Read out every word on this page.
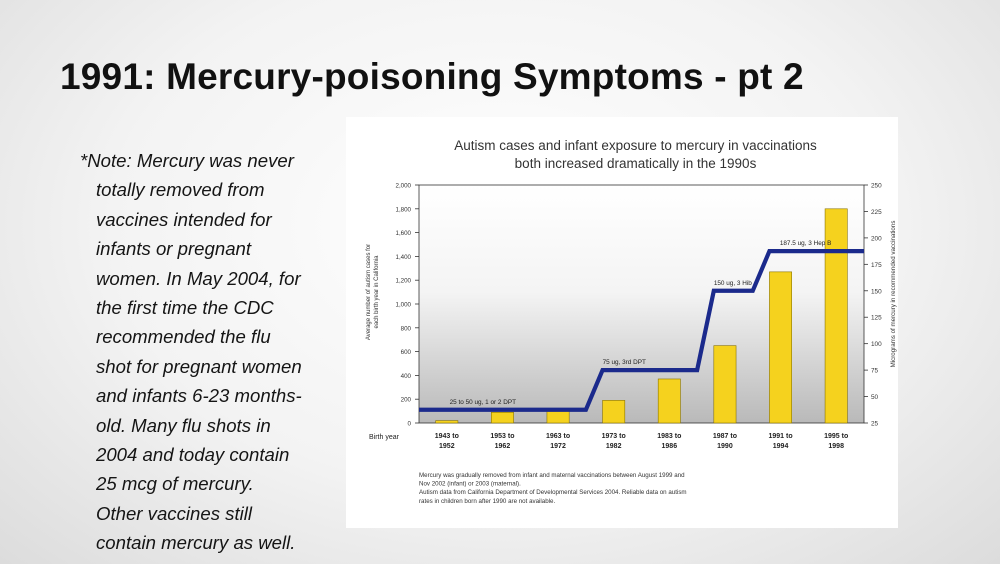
1991: Mercury-poisoning Symptoms - pt 2
*Note: Mercury was never
totally removed from
vaccines intended for
infants or pregnant
women. In May 2004, for
the first time the CDC
recommended the flu
shot for pregnant women
and infants 6-23 months-
old. Many flu shots in
2004 and today contain
25 mcg of mercury.
Other vaccines still
contain mercury as well.
Autism cases and infant exposure to mercury in vaccinations
both increased dramatically in the 1990s
0
200
400
600
800
1,000
1,200
1,400
1,600
1,800
2,000
25
50
75
100
125
150
175
200
225
250
Average number of autism cases for each birth year in California	Micrograms of mercury in recommended vaccinations
25 to 50 ug, 1 or 2 DPT
75 ug, 3rd DPT
150 ug, 3 Hib
187.5 ug, 3 Hep B
Birth year	1943 to
1952
1953 to
1962
1963 to
1972
1973 to
1982
1983 to
1986
1987 to
1990
1991 to
1994
1995 to
1998
Mercury was gradually removed from infant and maternal vaccinations between August 1999 and
Nov 2002 (infant) or 2003 (maternal).
Autism data from California Department of Developmental Services 2004. Reliable data on autism
rates in children born after 1990 are not available.
